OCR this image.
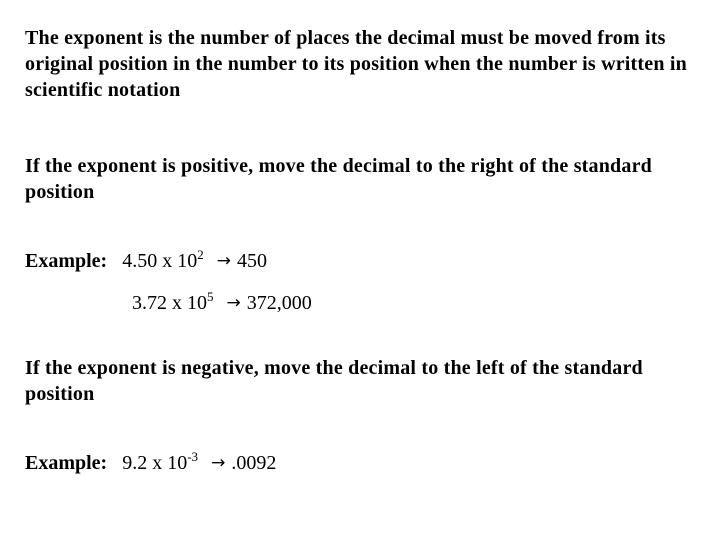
The exponent is the number of places the decimal must be moved from its original position in the number to its position when the number is written in scientific notation

If the exponent is positive, move the decimal to the right of the standard position

Example: 4.50 x $10^2 \to 450$
3.72 x $10^5 \to 372,000$

If the exponent is negative, move the decimal to the left of the standard position

Example: 9.2 x $10^{-3} \to .0092$
